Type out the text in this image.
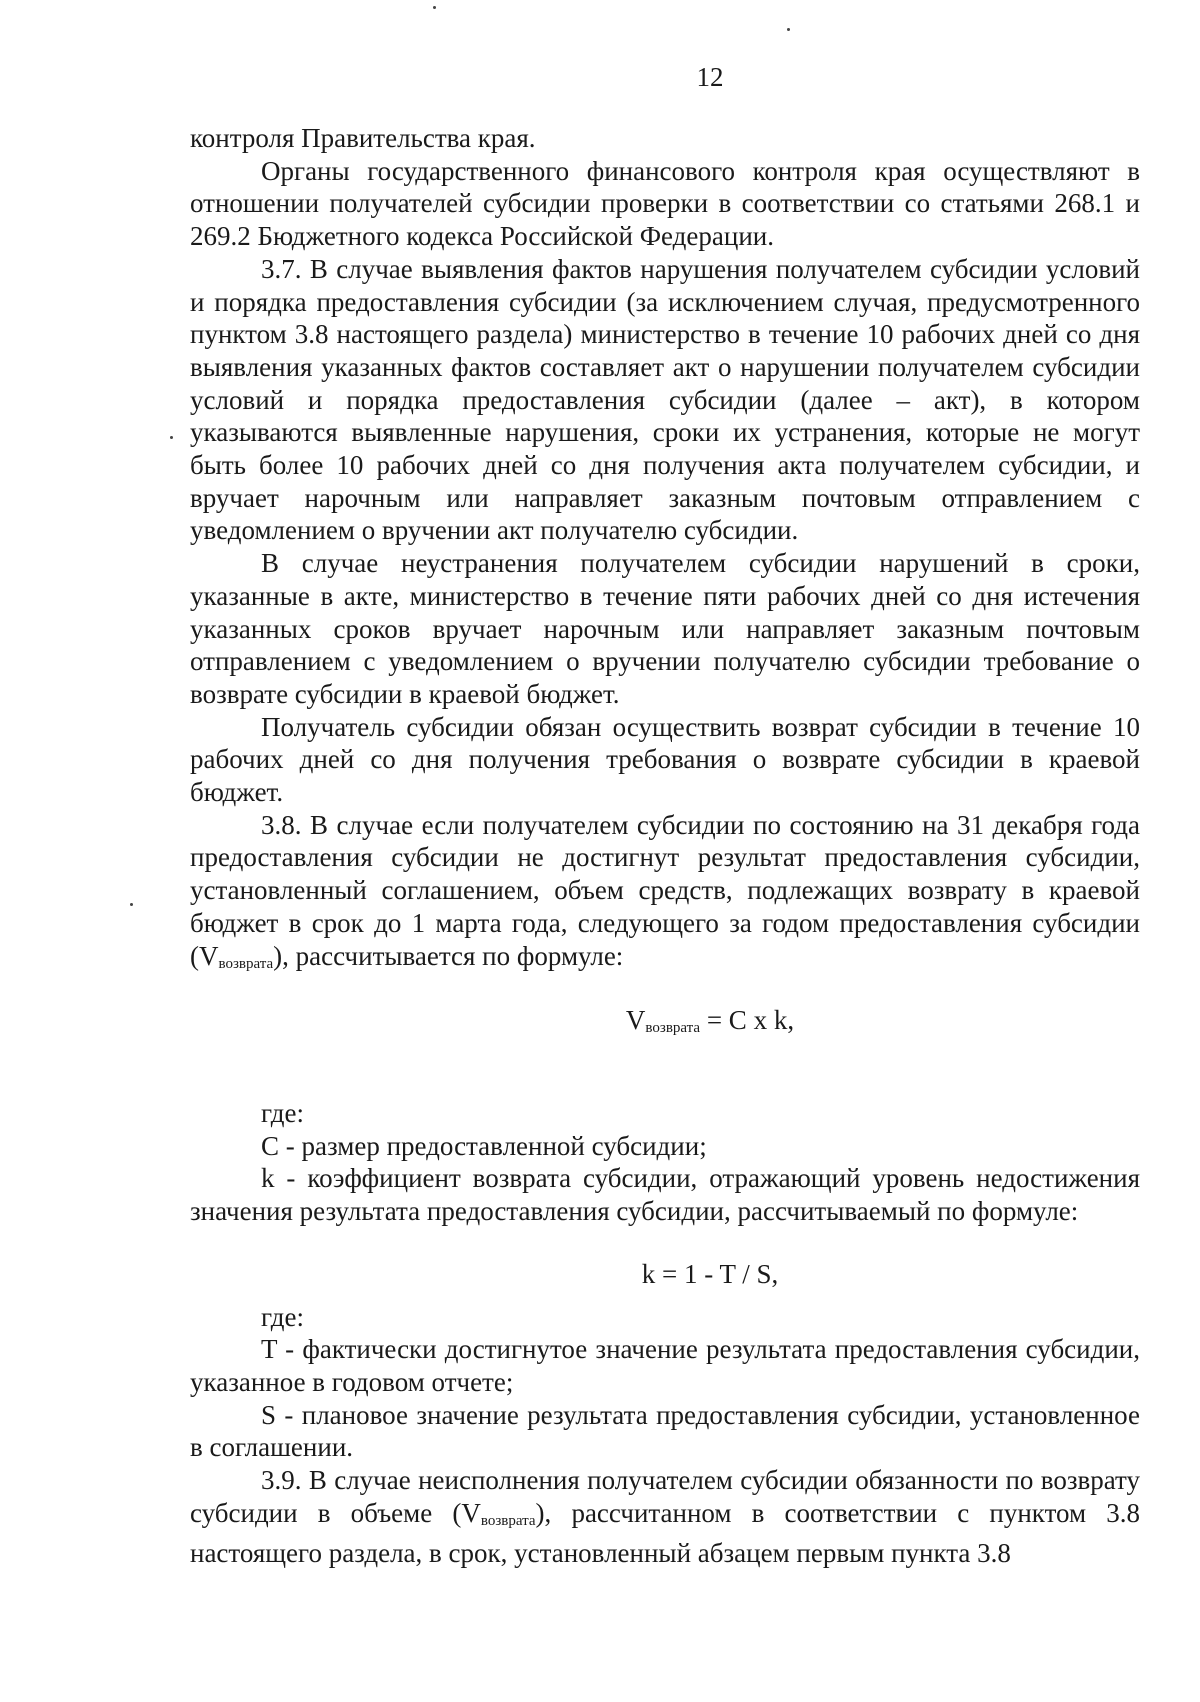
12

контроля Правительства края.

Органы государственного финансового контроля края осуществляют в отношении получателей субсидии проверки в соответствии со статьями 268.1 и 269.2 Бюджетного кодекса Российской Федерации.

3.7. В случае выявления фактов нарушения получателем субсидии условий и порядка предоставления субсидии (за исключением случая, предусмотренного пунктом 3.8 настоящего раздела) министерство в течение 10 рабочих дней со дня выявления указанных фактов составляет акт о нарушении получателем субсидии условий и порядка предоставления субсидии (далее – акт), в котором указываются выявленные нарушения, сроки их устранения, которые не могут быть более 10 рабочих дней со дня получения акта получателем субсидии, и вручает нарочным или направляет заказным почтовым отправлением с уведомлением о вручении акт получателю субсидии.

В случае неустранения получателем субсидии нарушений в сроки, указанные в акте, министерство в течение пяти рабочих дней со дня истечения указанных сроков вручает нарочным или направляет заказным почтовым отправлением с уведомлением о вручении получателю субсидии требование о возврате субсидии в краевой бюджет.

Получатель субсидии обязан осуществить возврат субсидии в течение 10 рабочих дней со дня получения требования о возврате субсидии в краевой бюджет.

3.8. В случае если получателем субсидии по состоянию на 31 декабря года предоставления субсидии не достигнут результат предоставления субсидии, установленный соглашением, объем средств, подлежащих возврату в краевой бюджет в срок до 1 марта года, следующего за годом предоставления субсидии $(V_{возврата})$, рассчитывается по формуле:

$V_{возврата} = C$ x k,

где:

C - размер предоставленной субсидии;

k - коэффициент возврата субсидии, отражающий уровень недостижения значения результата предоставления субсидии, рассчитываемый по формуле:

k = 1 - T / S,

где:

T - фактически достигнутое значение результата предоставления субсидии, указанное в годовом отчете;

S - плановое значение результата предоставления субсидии, установленное в соглашении.

3.9. В случае неисполнения получателем субсидии обязанности по возврату субсидии в объеме $(V_{возврата})$, рассчитанном в соответствии с пунктом 3.8 настоящего раздела, в срок, установленный абзацем первым пункта 3.8
